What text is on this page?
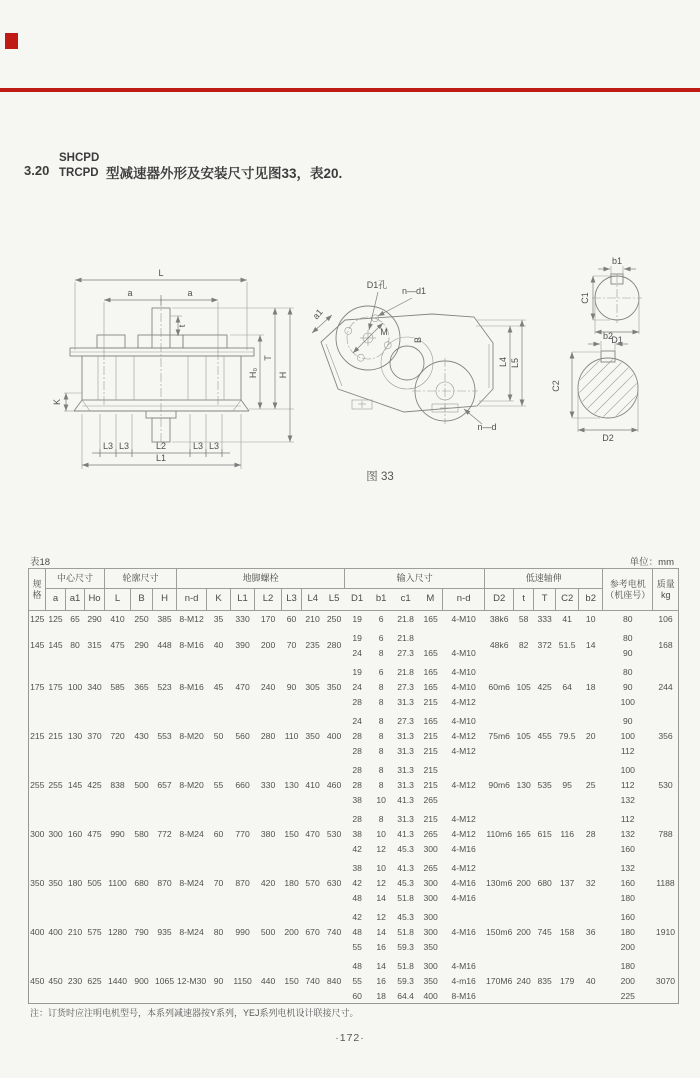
3.20
SHCPD
TRCPD 型减速器外形及安装尺寸见图33，表20.
L
a	a
t
K
H₀
T
H
L3 L3	L2	L3 L3
L1
M
D1孔
n—d1
a1
B
n—d
L4 L5
图 33
b1
C1
D1
b2
C2
D2
表18	单位：mm
规格	中心尺寸			轮廓尺寸			地脚螺栓							输入尺寸					低速轴伸					参考电机
（机座号）	质量
kg
	a	a1	Ho	L	B	H	n-d	K	L1	L2	L3	L4	L5	D1	b1	c1	M	n-d	D2	t	T	C2	b2		
125	125	65	290	410	250	385	8-M12	35	330	170	60	210	250	19	6	21.8	165	4-M10	38k6	58	333	41	10	80	106
145	145	80	315	475	290	448	8-M16	40	390	200	70	235	280	19	6	21.8			48k6	82	372	51.5	14	80	168
														24	8	27.3	165	4-M10						90	
175	175	100	340	585	365	523	8-M16	45	470	240	90	305	350	19	6	21.8	165	4-M10	60m6	105	425	64	18	80	244
														24	8	27.3	165	4-M10						90	
														28	8	31.3	215	4-M12						100	
215	215	130	370	720	430	553	8-M20	50	560	280	110	350	400	24	8	27.3	165	4-M10	75m6	105	455	79.5	20	90	356
														28	8	31.3	215	4-M12						100	
														28	8	31.3	215	4-M12						112	
255	255	145	425	838	500	657	8-M20	55	660	330	130	410	460	28	8	31.3	215		90m6	130	535	95	25	100	530
														28	8	31.3	215	4-M12						112	
														38	10	41.3	265							132	
300	300	160	475	990	580	772	8-M24	60	770	380	150	470	530	28	8	31.3	215	4-M12	110m6	165	615	116	28	112	788
														38	10	41.3	265	4-M12						132	
														42	12	45.3	300	4-M16						160	
350	350	180	505	1100	680	870	8-M24	70	870	420	180	570	630	38	10	41.3	265	4-M12	130m6	200	680	137	32	132	1188
														42	12	45.3	300	4-M16						160	
														48	14	51.8	300	4-M16						180	
400	400	210	575	1280	790	935	8-M24	80	990	500	200	670	740	42	12	45.3	300		150m6	200	745	158	36	160	1910
														48	14	51.8	300	4-M16						180	
														55	16	59.3	350							200	
450	450	230	625	1440	900	1065	12-M30	90	1150	440	150	740	840	48	14	51.8	300	4-M16	170M6	240	835	179	40	180	3070
														55	16	59.3	350	4-m16						200	
														60	18	64.4	400	8-M16						225	
注：订货时应注明电机型号，本系列减速器按Y系列，YEJ系列电机设计联接尺寸。
·172·
